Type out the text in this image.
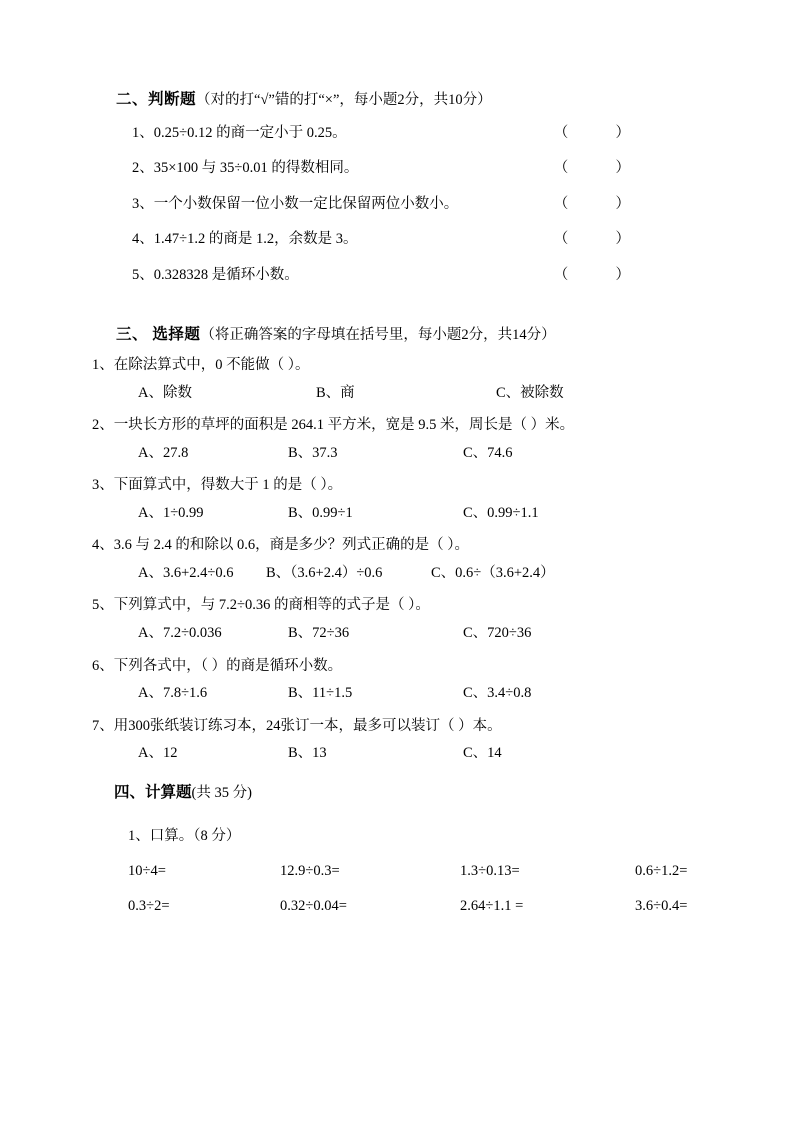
二、判断题（对的打“√”错的打“×”，每小题2分，共10分）
1、0.25÷0.12 的商一定小于 0.25。	（          ）
2、35×100 与 35÷0.01 的得数相同。	（          ）
3、一个小数保留一位小数一定比保留两位小数小。	（          ）
4、1.47÷1.2 的商是 1.2，余数是 3。	（          ）
5、0.328328 是循环小数。	（          ）
三、 选择题（将正确答案的字母填在括号里，每小题2分，共14分）
1、在除法算式中，0 不能做（ ）。
A、除数	B、商	C、被除数
2、一块长方形的草坪的面积是 264.1 平方米，宽是 9.5 米，周长是（ ）米。
A、27.8	B、37.3	C、74.6
3、下面算式中，得数大于 1 的是（ ）。
A、1÷0.99	B、0.99÷1	C、0.99÷1.1
4、3.6 与 2.4 的和除以 0.6，商是多少？列式正确的是（ ）。
A、3.6+2.4÷0.6	B、（3.6+2.4）÷0.6	C、0.6÷（3.6+2.4）
5、下列算式中，与 7.2÷0.36 的商相等的式子是（ ）。
A、7.2÷0.036	B、72÷36	C、720÷36
6、下列各式中，（ ）的商是循环小数。
A、7.8÷1.6	B、11÷1.5	C、3.4÷0.8
7、用300张纸装订练习本，24张订一本，最多可以装订（ ）本。
A、12	B、13	C、14
四、计算题(共 35 分)
1、口算。（8 分）
10÷4=	12.9÷0.3=	1.3÷0.13=	0.6÷1.2=
0.3÷2=	0.32÷0.04=	2.64÷1.1 =	3.6÷0.4=
